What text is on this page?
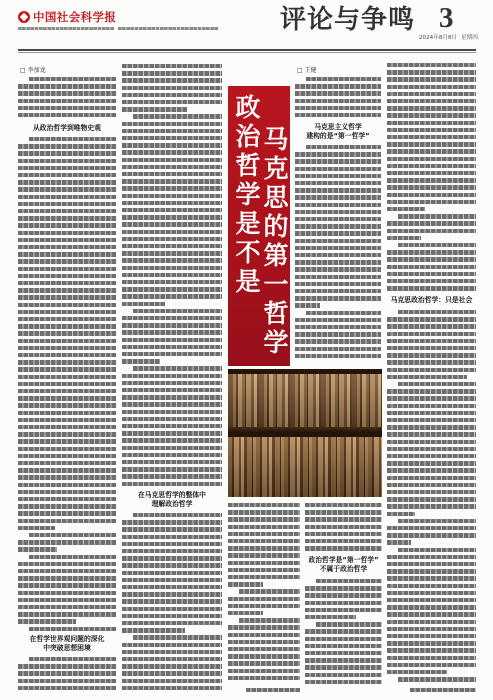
中国社会科学报	评论与争鸣 3
2024年8月8日 星期四
□ 李加龙
从政治哲学到唯物史观
在哲学世界观问题的深化
中突破思想困境
在马克思哲学的整体中
理解政治哲学
政治哲学是不是 马克思的第一哲学
□ 王健
马克思主义哲学
建构的是“第一哲学”
政治哲学是“第一哲学”
不属于政治哲学
马克思政治哲学：只是社会
